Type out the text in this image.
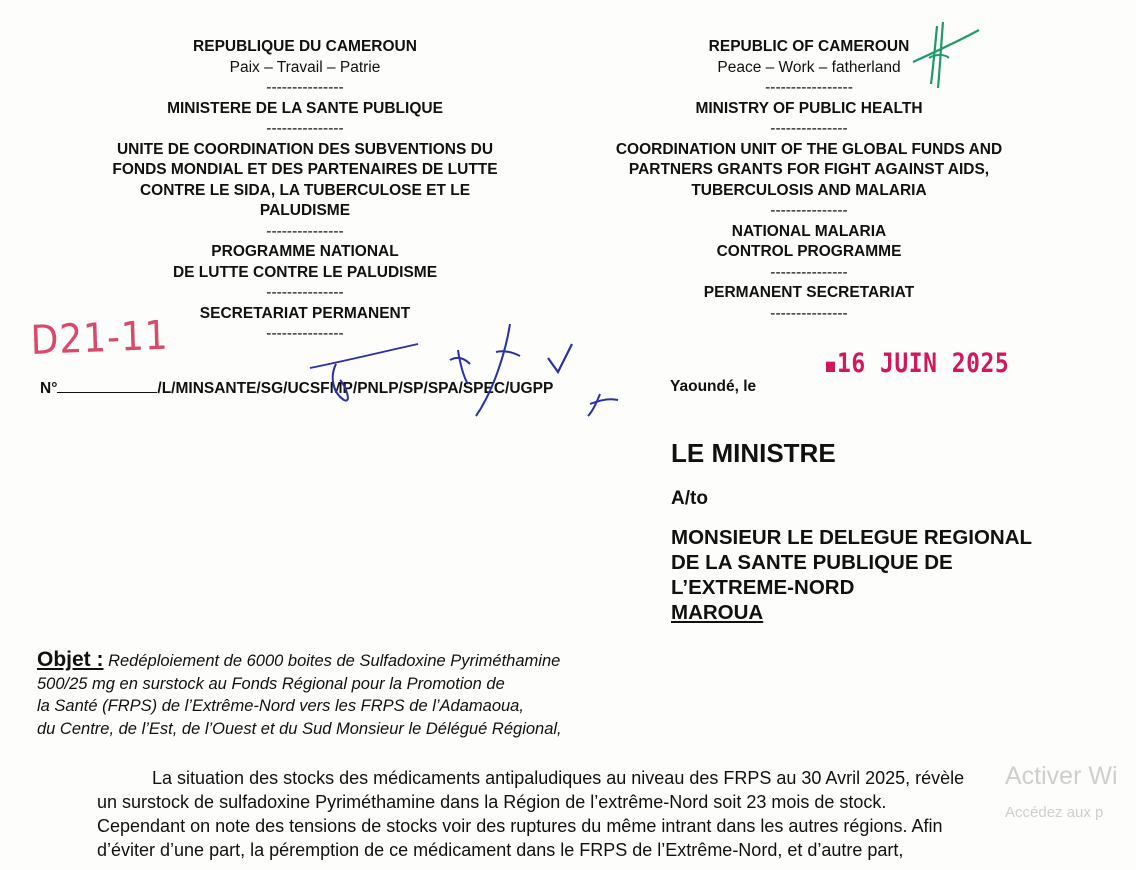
REPUBLIQUE DU CAMEROUN
Paix – Travail – Patrie
---------------
MINISTERE DE LA SANTE PUBLIQUE
---------------
UNITE DE COORDINATION DES SUBVENTIONS DU
FONDS MONDIAL ET DES PARTENAIRES DE LUTTE
CONTRE LE SIDA, LA TUBERCULOSE ET LE
PALUDISME
---------------
PROGRAMME NATIONAL
DE LUTTE CONTRE LE PALUDISME
---------------
SECRETARIAT PERMANENT
---------------
REPUBLIC OF CAMEROUN
Peace – Work – fatherland
-----------------
MINISTRY OF PUBLIC HEALTH
---------------
COORDINATION UNIT OF THE GLOBAL FUNDS AND
PARTNERS GRANTS FOR FIGHT AGAINST AIDS,
TUBERCULOSIS AND MALARIA
---------------
NATIONAL MALARIA
CONTROL PROGRAMME
---------------
PERMANENT SECRETARIAT
---------------
D21-11
N°	/L/MINSANTE/SG/UCSFMP/PNLP/SP/SPA/SPEC/UGPP	Yaoundé, le
16 JUIN 2025
LE MINISTRE
A/to
MONSIEUR LE DELEGUE REGIONAL
DE LA SANTE PUBLIQUE DE
L’EXTREME-NORD
MAROUA
Objet : Redéploiement de 6000 boites de Sulfadoxine Pyriméthamine
500/25 mg en surstock au Fonds Régional pour la Promotion de
la Santé (FRPS) de l’Extrême-Nord vers les FRPS de l’Adamaoua,
du Centre, de l’Est, de l’Ouest et du Sud Monsieur le Délégué Régional,
La situation des stocks des médicaments antipaludiques au niveau des FRPS au 30 Avril 2025, révèle
un surstock de sulfadoxine Pyriméthamine dans la Région de l’extrême-Nord soit 23 mois de stock.
Cependant on note des tensions de stocks voir des ruptures du même intrant dans les autres régions. Afin
d’éviter d’une part, la péremption de ce médicament dans le FRPS de l’Extrême-Nord, et d’autre part,
Activer Wi
Accédez aux p
